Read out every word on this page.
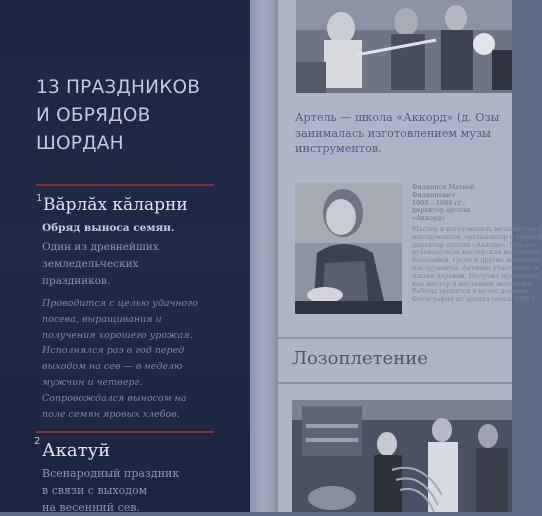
13 ПРАЗДНИКОВ
И ОБРЯДОВ
ШОРДАН
1 Вăрлăх кăларни
Обряд выноса семян.
Один из древнейших
земледельческих
праздников.
Проводится с целью удачного
посева, выращивания и
получения хорошего урожая.
Исполнялся раз в год перед
выходом на сев — в неделю
мужчин и четверг.
Сопровождался выносом на
поле семян яровых хлебов.
2 Акатуй
Всенародный праздник
в связи с выходом
на весенний сев.
Артель — школа «Аккорд» (д. Озы
занималась изготовлением музы
инструментов.
Филиппов Матвей
Филиппович
1908 – 1986 гг.,
директор артели
«Аккорд»
Мастер и изготовитель музыкальных
инструментов, организатор и первый
директор артели «Аккорд». Под его
руководством мастерская выпускала
балалайки, гусли и другие народные
инструменты. Активно участвовал в
жизни деревни. Получил признание
как мастер и наставник молодёжи.
Работы хранятся в музее деревни.
Фотография из архива семьи 1955 г.
Лозоплетение
